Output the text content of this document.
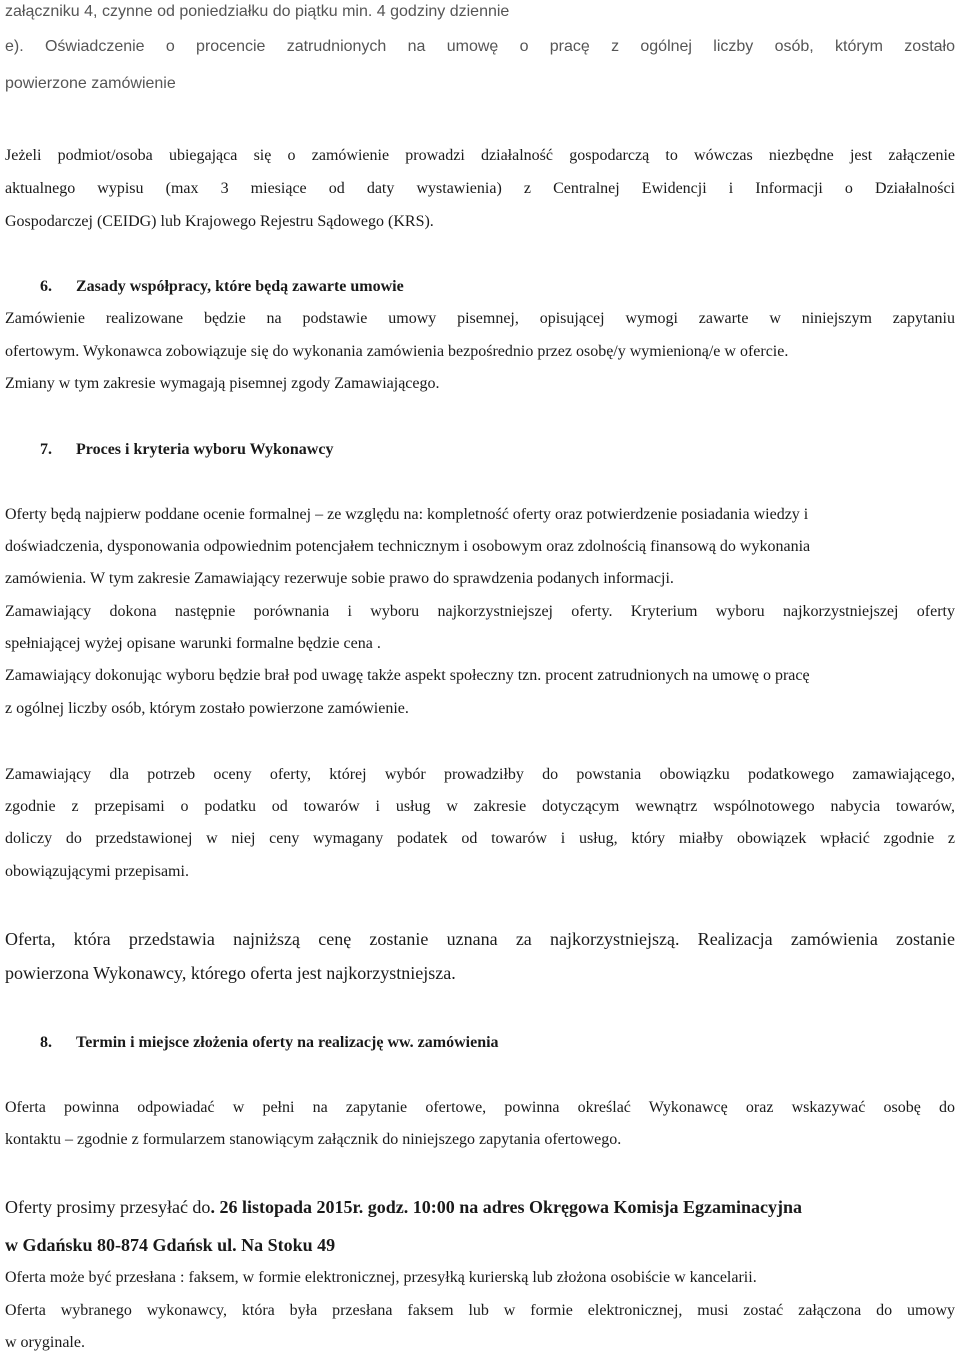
załączniku 4, czynne od poniedziałku do piątku min. 4 godziny dziennie
e). Oświadczenie o procencie zatrudnionych na umowę o pracę z ogólnej liczby osób, którym zostało
powierzone zamówienie
Jeżeli podmiot/osoba ubiegająca się o zamówienie prowadzi działalność gospodarczą to wówczas niezbędne jest załączenie
aktualnego wypisu (max 3 miesiące od daty wystawienia) z Centralnej Ewidencji i Informacji o Działalności
Gospodarczej (CEIDG) lub Krajowego Rejestru Sądowego (KRS).
6. Zasady współpracy, które będą zawarte umowie
Zamówienie realizowane będzie na podstawie umowy pisemnej, opisującej wymogi zawarte w niniejszym zapytaniu
ofertowym. Wykonawca zobowiązuje się do wykonania zamówienia bezpośrednio przez osobę/y wymienioną/e w ofercie.
Zmiany w tym zakresie wymagają pisemnej zgody Zamawiającego.
7. Proces i kryteria wyboru Wykonawcy
Oferty będą najpierw poddane ocenie formalnej – ze względu na: kompletność oferty oraz potwierdzenie posiadania wiedzy i
doświadczenia, dysponowania odpowiednim potencjałem technicznym i osobowym oraz zdolnością finansową do wykonania
zamówienia. W tym zakresie Zamawiający rezerwuje sobie prawo do sprawdzenia podanych informacji.
Zamawiający dokona następnie porównania i wyboru najkorzystniejszej oferty. Kryterium wyboru najkorzystniejszej oferty
spełniającej wyżej opisane warunki formalne będzie cena .
Zamawiający dokonując wyboru będzie brał pod uwagę także aspekt społeczny tzn. procent zatrudnionych na umowę o pracę
z ogólnej liczby osób, którym zostało powierzone zamówienie.
Zamawiający dla potrzeb oceny oferty, której wybór prowadziłby do powstania obowiązku podatkowego zamawiającego,
zgodnie z przepisami o podatku od towarów i usług w zakresie dotyczącym wewnątrz wspólnotowego nabycia towarów,
doliczy do przedstawionej w niej ceny wymagany podatek od towarów i usług, który miałby obowiązek wpłacić zgodnie z
obowiązującymi przepisami.
Oferta, która przedstawia najniższą cenę zostanie uznana za najkorzystniejszą. Realizacja zamówienia zostanie
powierzona Wykonawcy, którego oferta jest najkorzystniejsza.
8. Termin i miejsce złożenia oferty na realizację ww. zamówienia
Oferta powinna odpowiadać w pełni na zapytanie ofertowe, powinna określać Wykonawcę oraz wskazywać osobę do
kontaktu – zgodnie z formularzem stanowiącym załącznik do niniejszego zapytania ofertowego.
Oferty prosimy przesyłać do. 26 listopada 2015r. godz. 10:00 na adres Okręgowa Komisja Egzaminacyjna
w Gdańsku 80-874 Gdańsk ul. Na Stoku 49
Oferta może być przesłana : faksem, w formie elektronicznej, przesyłką kurierską lub złożona osobiście w kancelarii.
Oferta wybranego wykonawcy, która była przesłana faksem lub w formie elektronicznej, musi zostać załączona do umowy
w oryginale.
